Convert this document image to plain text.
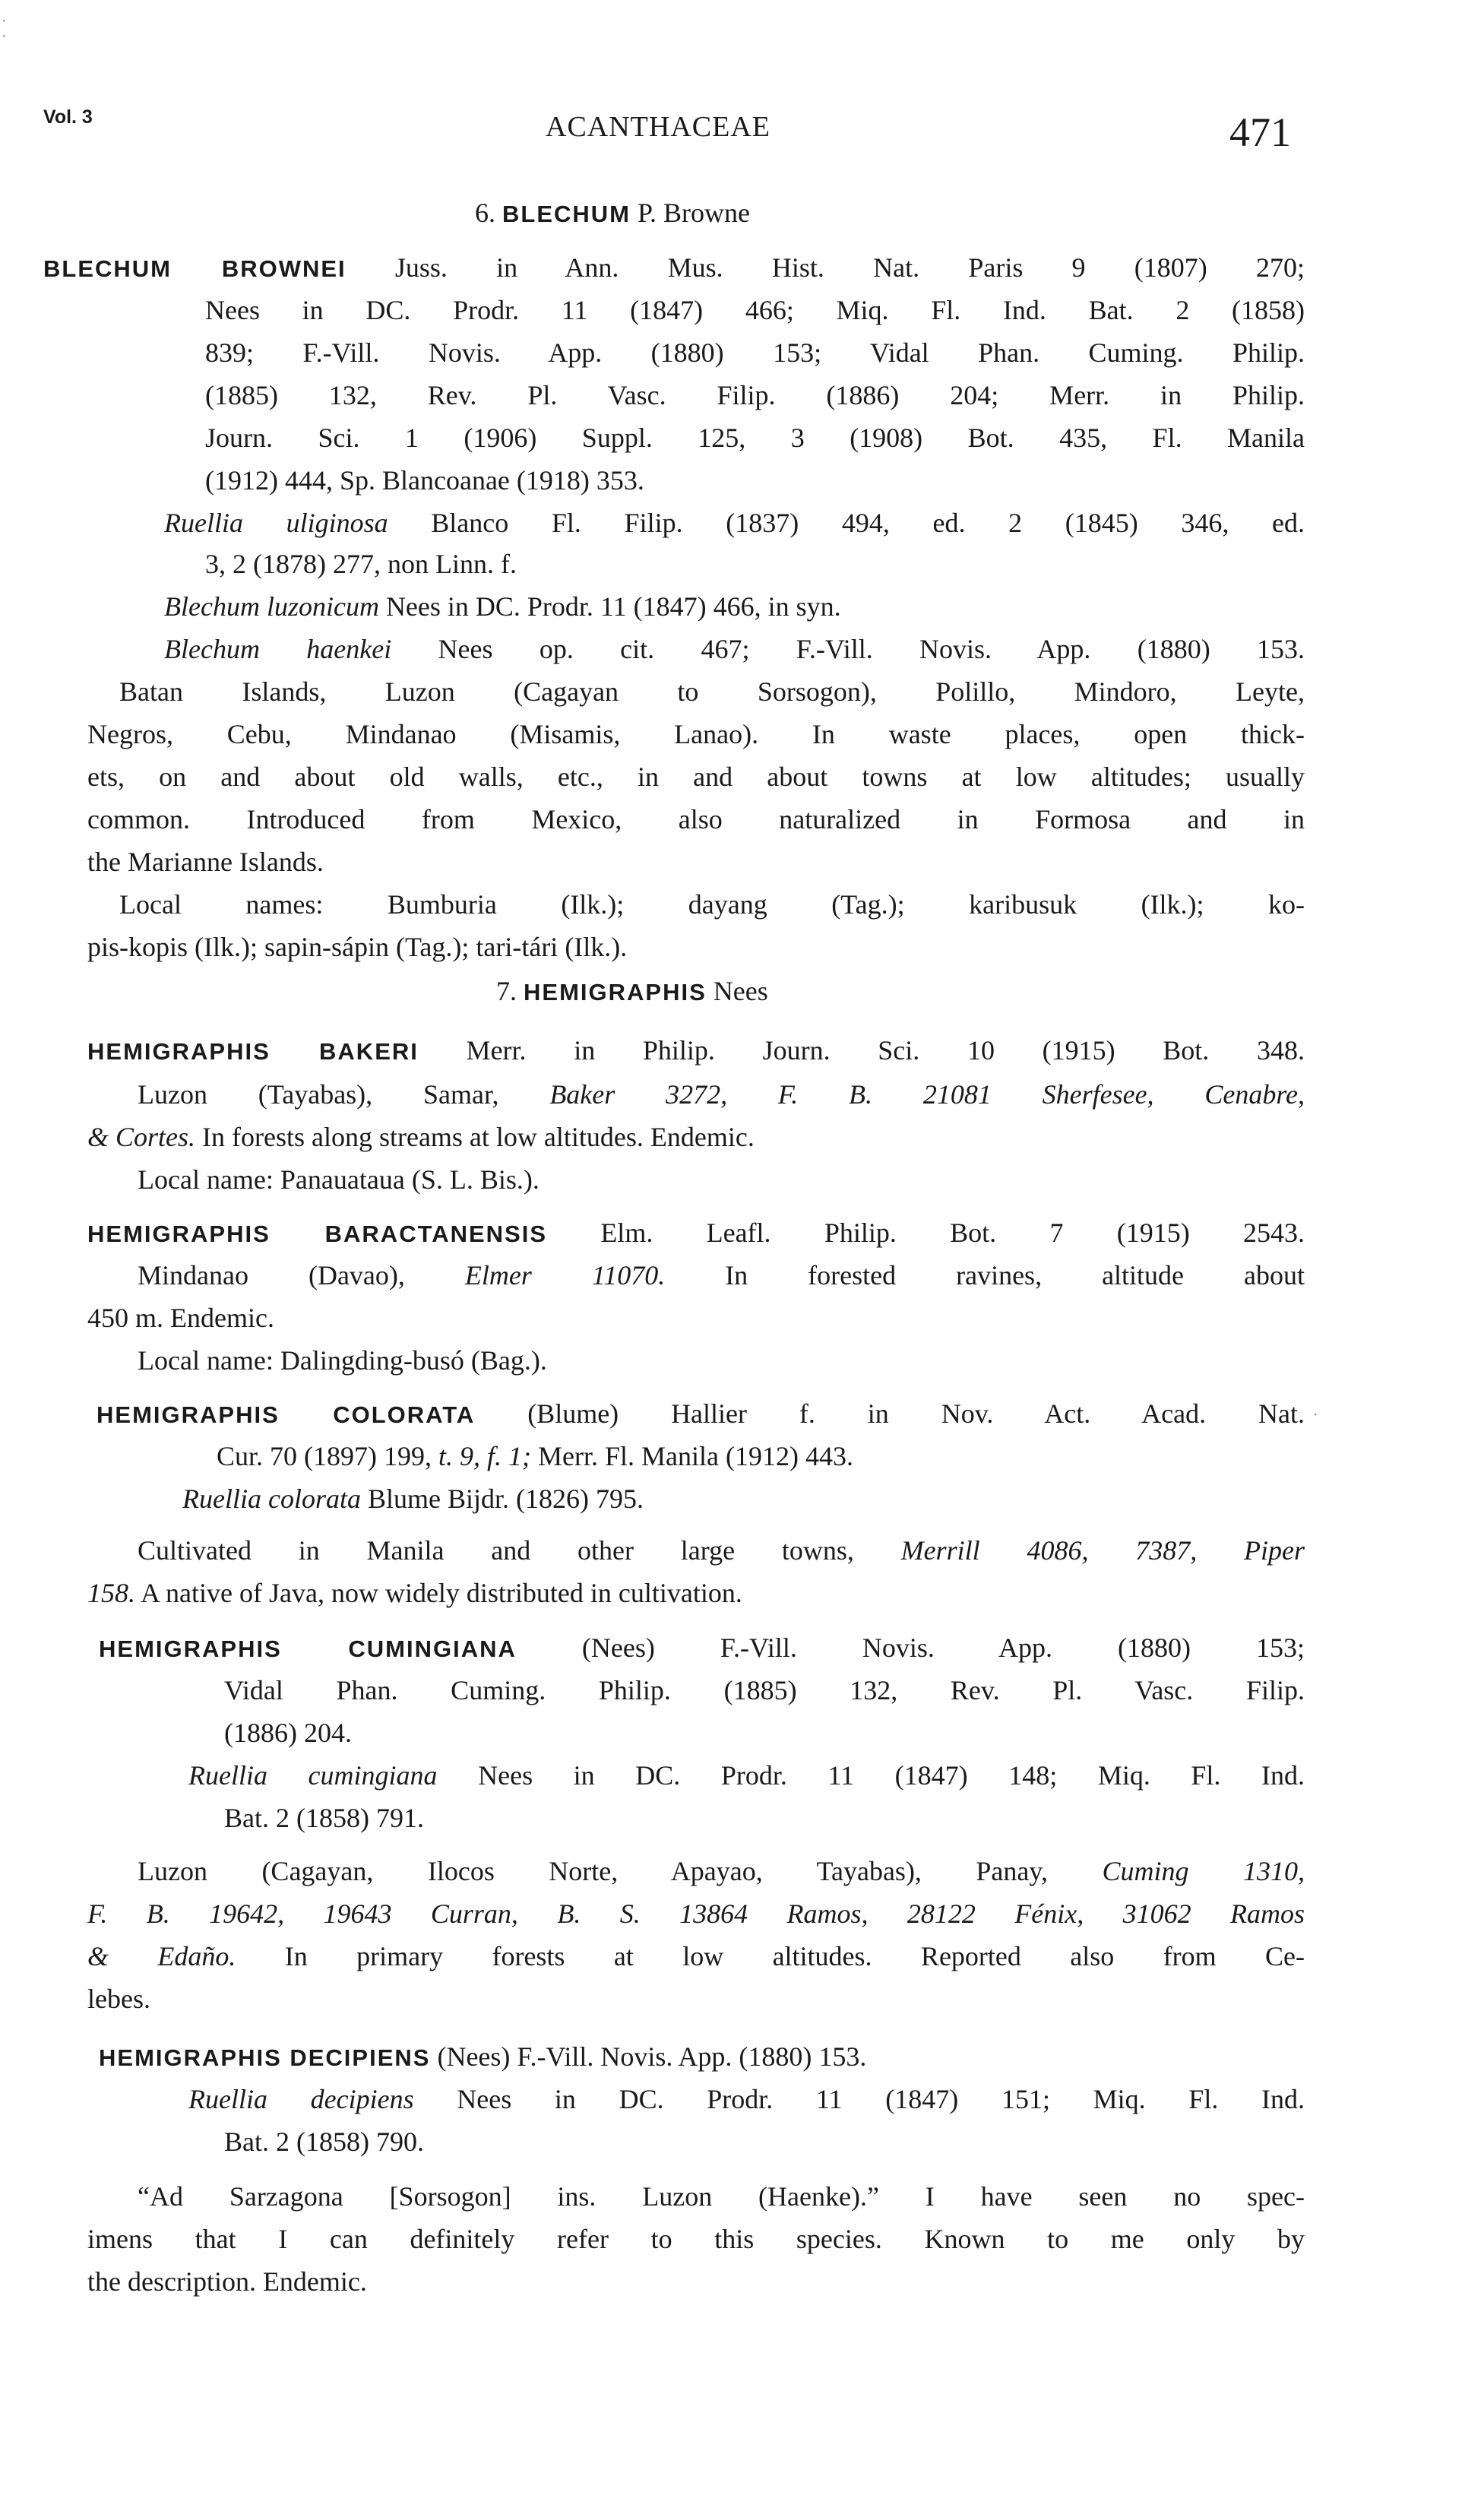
·
·
·
Vol. 3	ACANTHACEAE	471

6. BLECHUM P. Browne

BLECHUM BROWNEI Juss. in Ann. Mus. Hist. Nat. Paris 9 (1807) 270;

Nees in DC. Prodr. 11 (1847) 466; Miq. Fl. Ind. Bat. 2 (1858)

839; F.-Vill. Novis. App. (1880) 153; Vidal Phan. Cuming. Philip.

(1885) 132, Rev. Pl. Vasc. Filip. (1886) 204; Merr. in Philip.

Journ. Sci. 1 (1906) Suppl. 125, 3 (1908) Bot. 435, Fl. Manila

(1912) 444, Sp. Blancoanae (1918) 353.

Ruellia uliginosa Blanco Fl. Filip. (1837) 494, ed. 2 (1845) 346, ed.

3, 2 (1878) 277, non Linn. f.

Blechum luzonicum Nees in DC. Prodr. 11 (1847) 466, in syn.

Blechum haenkei Nees op. cit. 467; F.-Vill. Novis. App. (1880) 153.

Batan Islands, Luzon (Cagayan to Sorsogon), Polillo, Mindoro, Leyte,

Negros, Cebu, Mindanao (Misamis, Lanao). In waste places, open thick-

ets, on and about old walls, etc., in and about towns at low altitudes; usually

common. Introduced from Mexico, also naturalized in Formosa and in

the Marianne Islands.

Local names: Bumburia (Ilk.); dayang (Tag.); karibusuk (Ilk.); ko-

pis-kopis (Ilk.); sapin-sápin (Tag.); tari-tári (Ilk.).

7. HEMIGRAPHIS Nees

HEMIGRAPHIS BAKERI Merr. in Philip. Journ. Sci. 10 (1915) Bot. 348.

Luzon (Tayabas), Samar, Baker 3272, F. B. 21081 Sherfesee, Cenabre,

& Cortes. In forests along streams at low altitudes. Endemic.

Local name: Panauataua (S. L. Bis.).

HEMIGRAPHIS BARACTANENSIS Elm. Leafl. Philip. Bot. 7 (1915) 2543.

Mindanao (Davao), Elmer 11070. In forested ravines, altitude about

450 m. Endemic.

Local name: Dalingding-busó (Bag.).

HEMIGRAPHIS COLORATA (Blume) Hallier f. in Nov. Act. Acad. Nat.

Cur. 70 (1897) 199, t. 9, f. 1; Merr. Fl. Manila (1912) 443.

Ruellia colorata Blume Bijdr. (1826) 795.

Cultivated in Manila and other large towns, Merrill 4086, 7387, Piper

158. A native of Java, now widely distributed in cultivation.

HEMIGRAPHIS CUMINGIANA (Nees) F.-Vill. Novis. App. (1880) 153;

Vidal Phan. Cuming. Philip. (1885) 132, Rev. Pl. Vasc. Filip.

(1886) 204.

Ruellia cumingiana Nees in DC. Prodr. 11 (1847) 148; Miq. Fl. Ind.

Bat. 2 (1858) 791.

Luzon (Cagayan, Ilocos Norte, Apayao, Tayabas), Panay, Cuming 1310,

F. B. 19642, 19643 Curran, B. S. 13864 Ramos, 28122 Fénix, 31062 Ramos

& Edaño. In primary forests at low altitudes. Reported also from Ce-

lebes.

HEMIGRAPHIS DECIPIENS (Nees) F.-Vill. Novis. App. (1880) 153.

Ruellia decipiens Nees in DC. Prodr. 11 (1847) 151; Miq. Fl. Ind.

Bat. 2 (1858) 790.

“Ad Sarzagona [Sorsogon] ins. Luzon (Haenke).” I have seen no spec-

imens that I can definitely refer to this species. Known to me only by

the description. Endemic.
